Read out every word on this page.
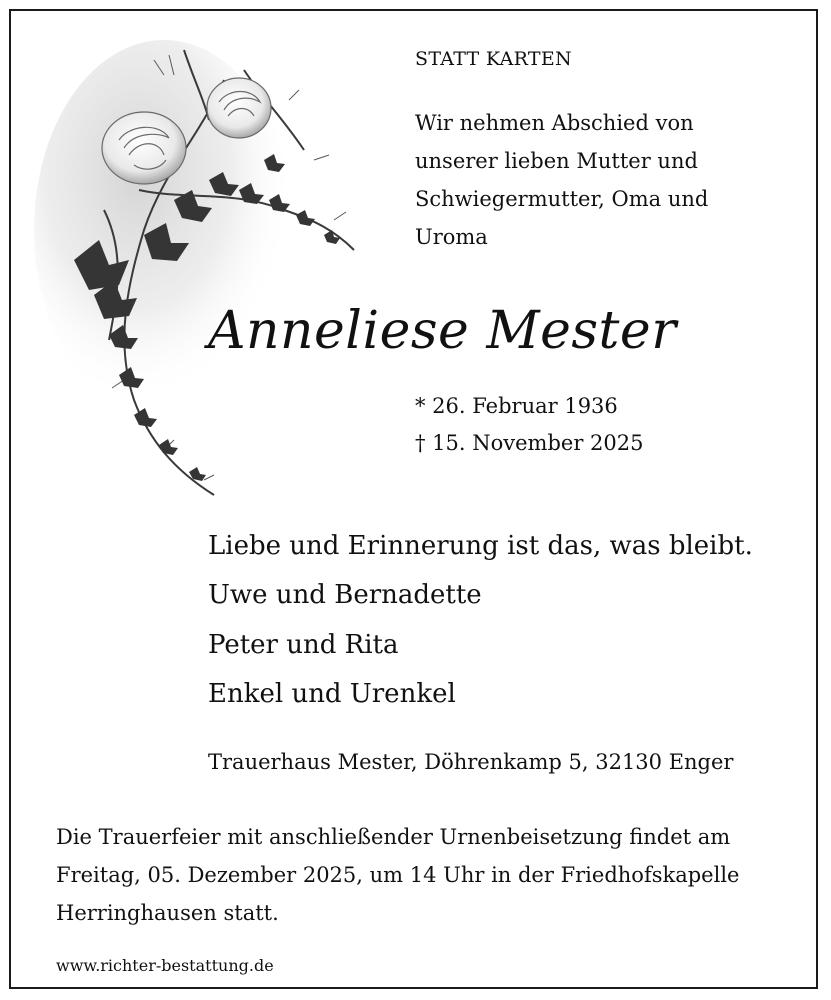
STATT KARTEN

Wir nehmen Abschied von
unserer lieben Mutter und
Schwiegermutter, Oma und
Uroma

Anneliese Mester

* 26. Februar 1936

† 15. November 2025

Liebe und Erinnerung ist das, was bleibt.

Uwe und Bernadette

Peter und Rita

Enkel und Urenkel

Trauerhaus Mester, Döhrenkamp 5, 32130 Enger

Die Trauerfeier mit anschließender Urnenbeisetzung findet am
Freitag, 05. Dezember 2025, um 14 Uhr in der Friedhofskapelle
Herringhausen statt.

www.richter-bestattung.de
